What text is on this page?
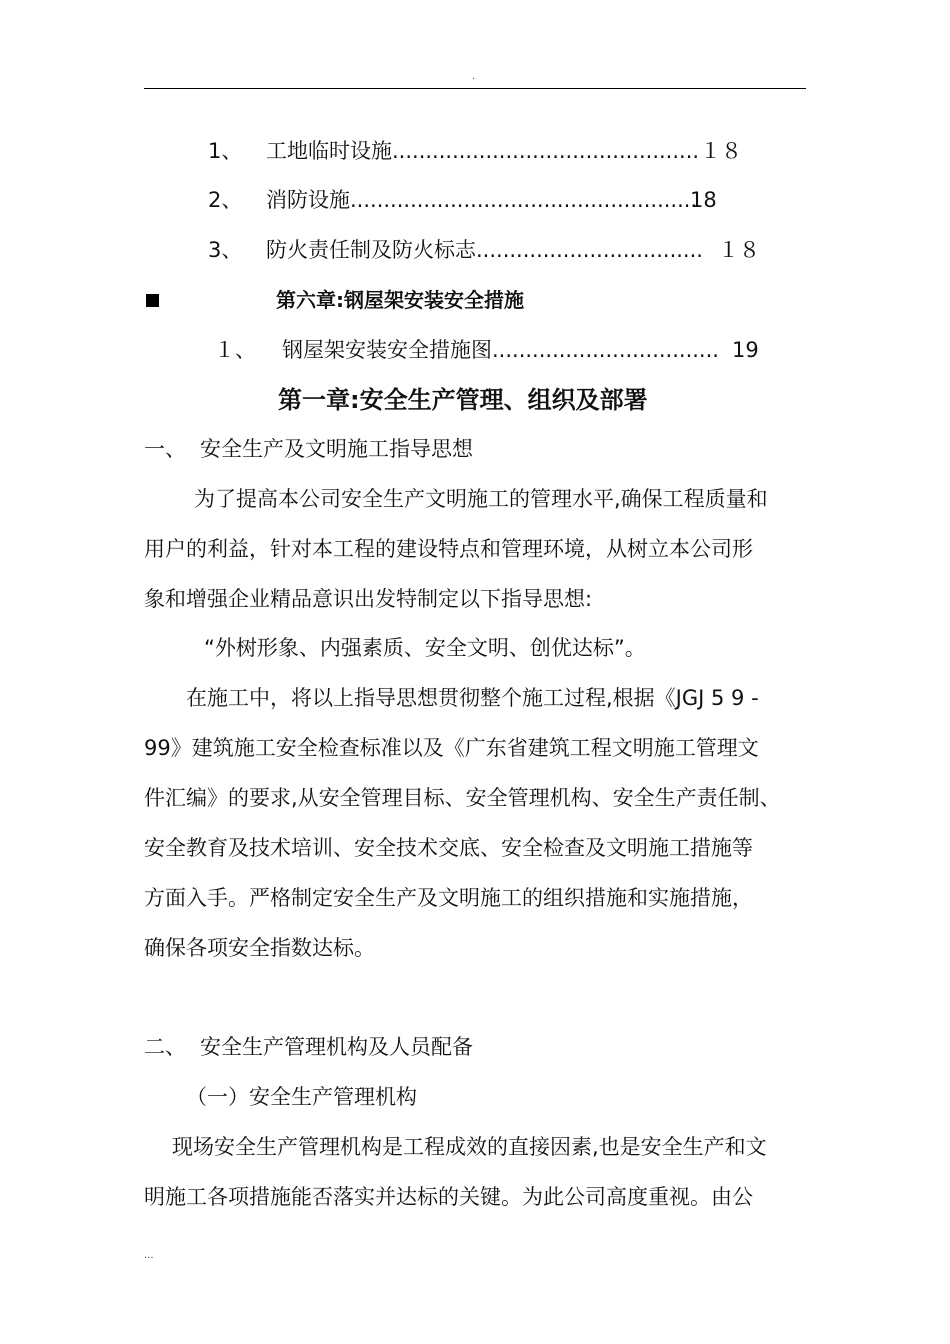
.
1、 工地临时设施.............................................. １８
2、 消防设施....................................................
18
3、 防火责任制及防火标志.................................. １８
第六章:钢屋架安装安全措施
１、 钢屋架安装安全措施图.................................. 19
第一章:安全生产管理、组织及部署
一、 安全生产及文明施工指导思想
为了提高本公司安全生产文明施工的管理水平,确保工程质量和
用户的利益，针对本工程的建设特点和管理环境，从树立本公司形
象和增强企业精品意识出发特制定以下指导思想:
“外树形象、内强素质、安全文明、创优达标”。
在施工中，将以上指导思想贯彻整个施工过程,根据《JGJ 5 9 -
99》建筑施工安全检查标准以及《广东省建筑工程文明施工管理文
件汇编》的要求,从安全管理目标、安全管理机构、安全生产责任制、
安全教育及技术培训、安全技术交底、安全检查及文明施工措施等
方面入手。严格制定安全生产及文明施工的组织措施和实施措施，
确保各项安全指数达标。
二、 安全生产管理机构及人员配备
（一）安全生产管理机构
现场安全生产管理机构是工程成效的直接因素,也是安全生产和文
明施工各项措施能否落实并达标的关键。为此公司高度重视。由公
...
